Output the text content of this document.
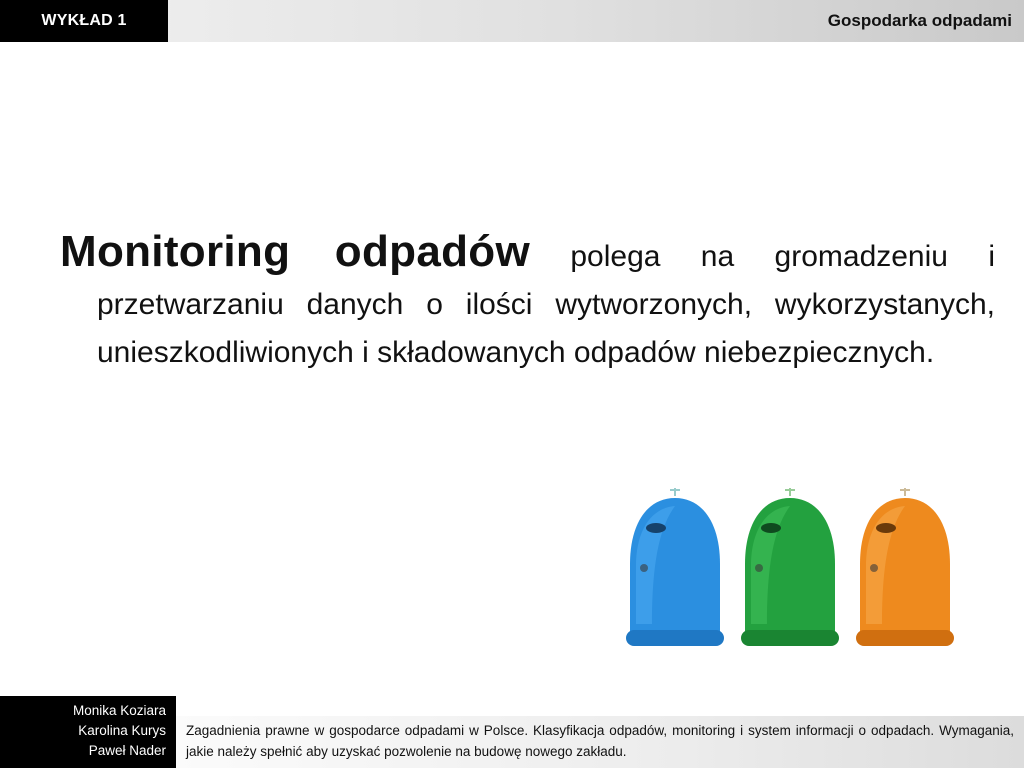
WYKŁAD 1	Gospodarka odpadami
Monitoring odpadów polega na gromadzeniu i przetwarzaniu danych o ilości wytworzonych, wykorzystanych, unieszkodliwionych i składowanych odpadów niebezpiecznych.
Monika Koziara
Karolina Kurys
Paweł Nader
Zagadnienia prawne w gospodarce odpadami w Polsce. Klasyfikacja odpadów, monitoring i system informacji o odpadach. Wymagania, jakie należy spełnić aby uzyskać pozwolenie na budowę nowego zakładu.
